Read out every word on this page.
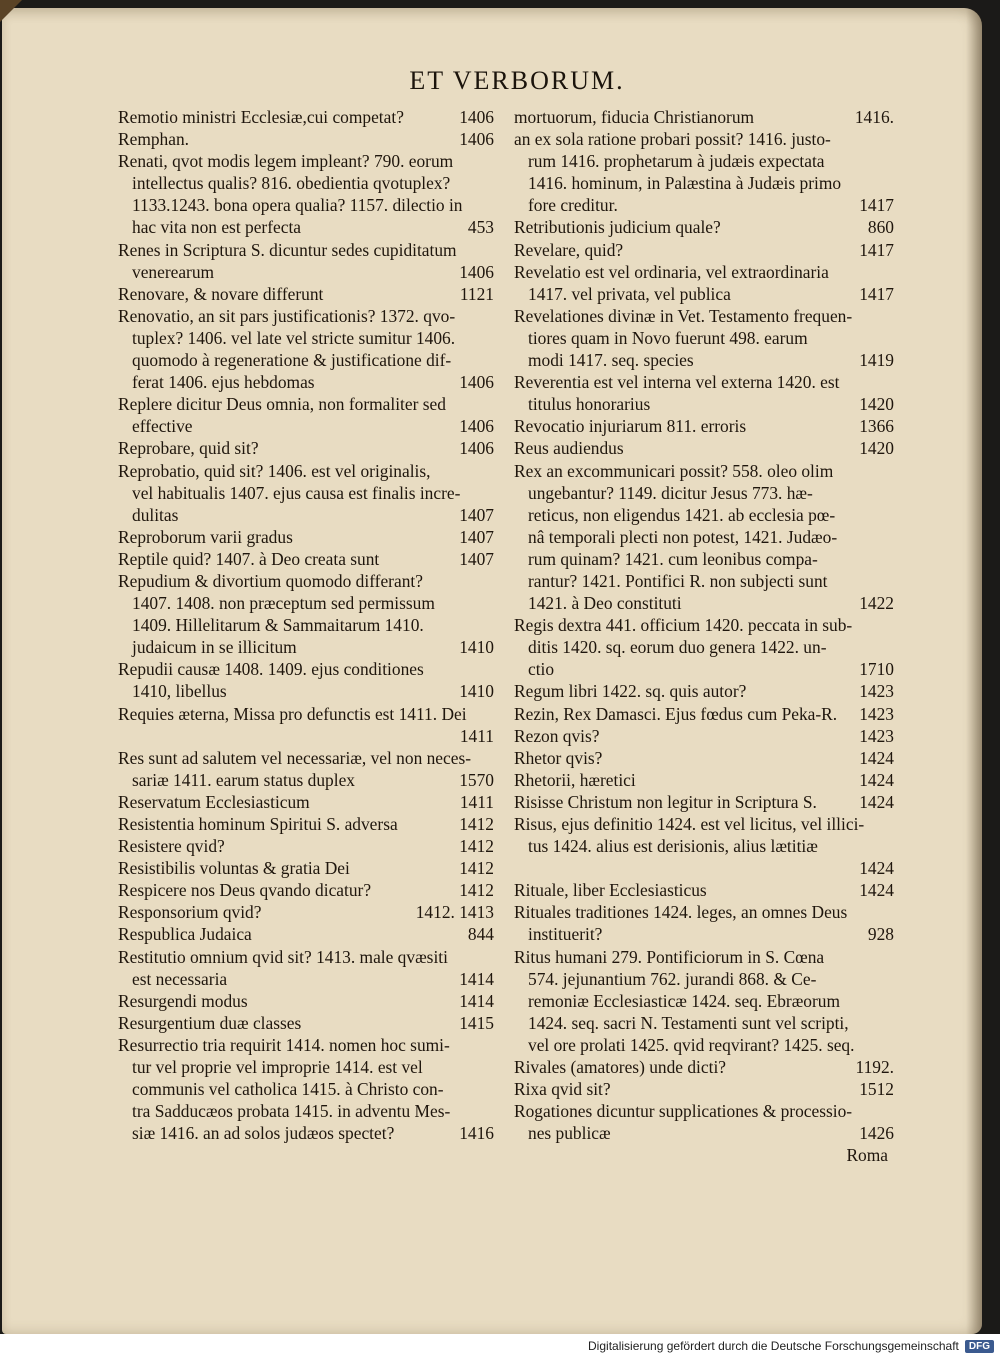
ET VERBORUM.
Remotio ministri Ecclesiæ,cui competat?	1406
Remphan.	1406
Renati, qvot modis legem impleant? 790. eorum
intellectus qualis? 816. obedientia qvotuplex?
1133.1243. bona opera qualia? 1157. dilectio in
hac vita non est perfecta	453
Renes in Scriptura S. dicuntur sedes cupiditatum
venerearum	1406
Renovare, & novare differunt	1121
Renovatio, an sit pars justificationis? 1372. qvo-
tuplex? 1406. vel late vel stricte sumitur 1406.
quomodo à regeneratione & justificatione dif-
ferat 1406. ejus hebdomas	1406
Replere dicitur Deus omnia, non formaliter sed
effective	1406
Reprobare, quid sit?	1406
Reprobatio, quid sit? 1406. est vel originalis,
vel habitualis 1407. ejus causa est finalis incre-
dulitas	1407
Reproborum varii gradus	1407
Reptile quid? 1407. à Deo creata sunt	1407
Repudium & divortium quomodo differant?
1407. 1408. non præceptum sed permissum
1409. Hillelitarum & Sammaitarum 1410.
judaicum in se illicitum	1410
Repudii causæ 1408. 1409. ejus conditiones
1410, libellus	1410
Requies æterna, Missa pro defunctis est 1411. Dei
1411
Res sunt ad salutem vel necessariæ, vel non neces-
sariæ 1411. earum status duplex	1570
Reservatum Ecclesiasticum	1411
Resistentia hominum Spiritui S. adversa	1412
Resistere qvid?	1412
Resistibilis voluntas & gratia Dei	1412
Respicere nos Deus qvando dicatur?	1412
Responsorium qvid?	1412. 1413
Respublica Judaica	844
Restitutio omnium qvid sit? 1413. male qvæsiti
est necessaria	1414
Resurgendi modus	1414
Resurgentium duæ classes	1415
Resurrectio tria requirit 1414. nomen hoc sumi-
tur vel proprie vel improprie 1414. est vel
communis vel catholica 1415. à Christo con-
tra Sadducæos probata 1415. in adventu Mes-
siæ 1416. an ad solos judæos spectet?	1416
mortuorum, fiducia Christianorum	1416.
an ex sola ratione probari possit? 1416. justo-
rum 1416. prophetarum à judæis expectata
1416. hominum, in Palæstina à Judæis primo
fore creditur.	1417
Retributionis judicium quale?	860
Revelare, quid?	1417
Revelatio est vel ordinaria, vel extraordinaria
1417. vel privata, vel publica	1417
Revelationes divinæ in Vet. Testamento frequen-
tiores quam in Novo fuerunt 498. earum
modi 1417. seq. species	1419
Reverentia est vel interna vel externa 1420. est
titulus honorarius	1420
Revocatio injuriarum 811. erroris	1366
Reus audiendus	1420
Rex an excommunicari possit? 558. oleo olim
ungebantur? 1149. dicitur Jesus 773. hæ-
reticus, non eligendus 1421. ab ecclesia pœ-
nâ temporali plecti non potest, 1421. Judæo-
rum quinam? 1421. cum leonibus compa-
rantur? 1421. Pontifici R. non subjecti sunt
1421. à Deo constituti	1422
Regis dextra 441. officium 1420. peccata in sub-
ditis 1420. sq. eorum duo genera 1422. un-
ctio	1710
Regum libri 1422. sq. quis autor?	1423
Rezin, Rex Damasci. Ejus fœdus cum Peka-R.	1423
Rezon qvis?	1423
Rhetor qvis?	1424
Rhetorii, hæretici	1424
Risisse Christum non legitur in Scriptura S.	1424
Risus, ejus definitio 1424. est vel licitus, vel illici-
tus 1424. alius est derisionis, alius lætitiæ
1424
Rituale, liber Ecclesiasticus	1424
Rituales traditiones 1424. leges, an omnes Deus
instituerit?	928
Ritus humani 279. Pontificiorum in S. Cœna
574. jejunantium 762. jurandi 868. & Ce-
remoniæ Ecclesiasticæ 1424. seq. Ebræorum
1424. seq. sacri N. Testamenti sunt vel scripti,
vel ore prolati 1425. qvid reqvirant? 1425. seq.
Rivales (amatores) unde dicti?	1192.
Rixa qvid sit?	1512
Rogationes dicuntur supplicationes & processio-
nes publicæ	1426
Roma
Digitalisierung gefördert durch die Deutsche Forschungsgemeinschaft	DFG
